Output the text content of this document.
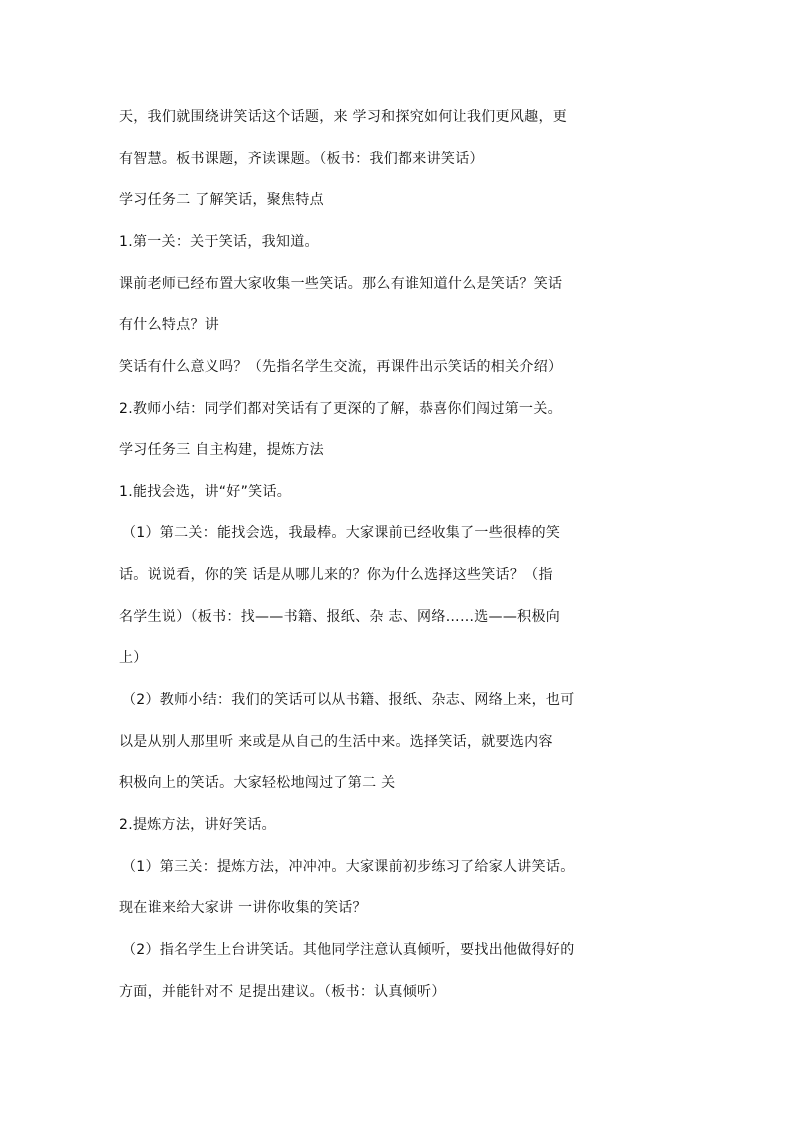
天，我们就围绕讲笑话这个话题，来 学习和探究如何让我们更风趣，更
有智慧。板书课题，齐读课题。（板书：我们都来讲笑话）
学习任务二 了解笑话，聚焦特点
1.第一关：关于笑话，我知道。
课前老师已经布置大家收集一些笑话。那么有谁知道什么是笑话？笑话
有什么特点？讲
笑话有什么意义吗？（先指名学生交流，再课件出示笑话的相关介绍）
2.教师小结：同学们都对笑话有了更深的了解，恭喜你们闯过第一关。
学习任务三 自主构建，提炼方法
1.能找会选，讲“好”笑话。
（1）第二关：能找会选，我最棒。大家课前已经收集了一些很棒的笑
话。说说看，你的笑 话是从哪儿来的？你为什么选择这些笑话？（指
名学生说）（板书：找——书籍、报纸、杂 志、网络……选——积极向
上）
（2）教师小结：我们的笑话可以从书籍、报纸、杂志、网络上来，也可
以是从别人那里听 来或是从自己的生活中来。选择笑话，就要选内容
积极向上的笑话。大家轻松地闯过了第二 关
2.提炼方法，讲好笑话。
（1）第三关：提炼方法，冲冲冲。大家课前初步练习了给家人讲笑话。
现在谁来给大家讲 一讲你收集的笑话？
（2）指名学生上台讲笑话。其他同学注意认真倾听，要找出他做得好的
方面，并能针对不 足提出建议。（板书：认真倾听）
